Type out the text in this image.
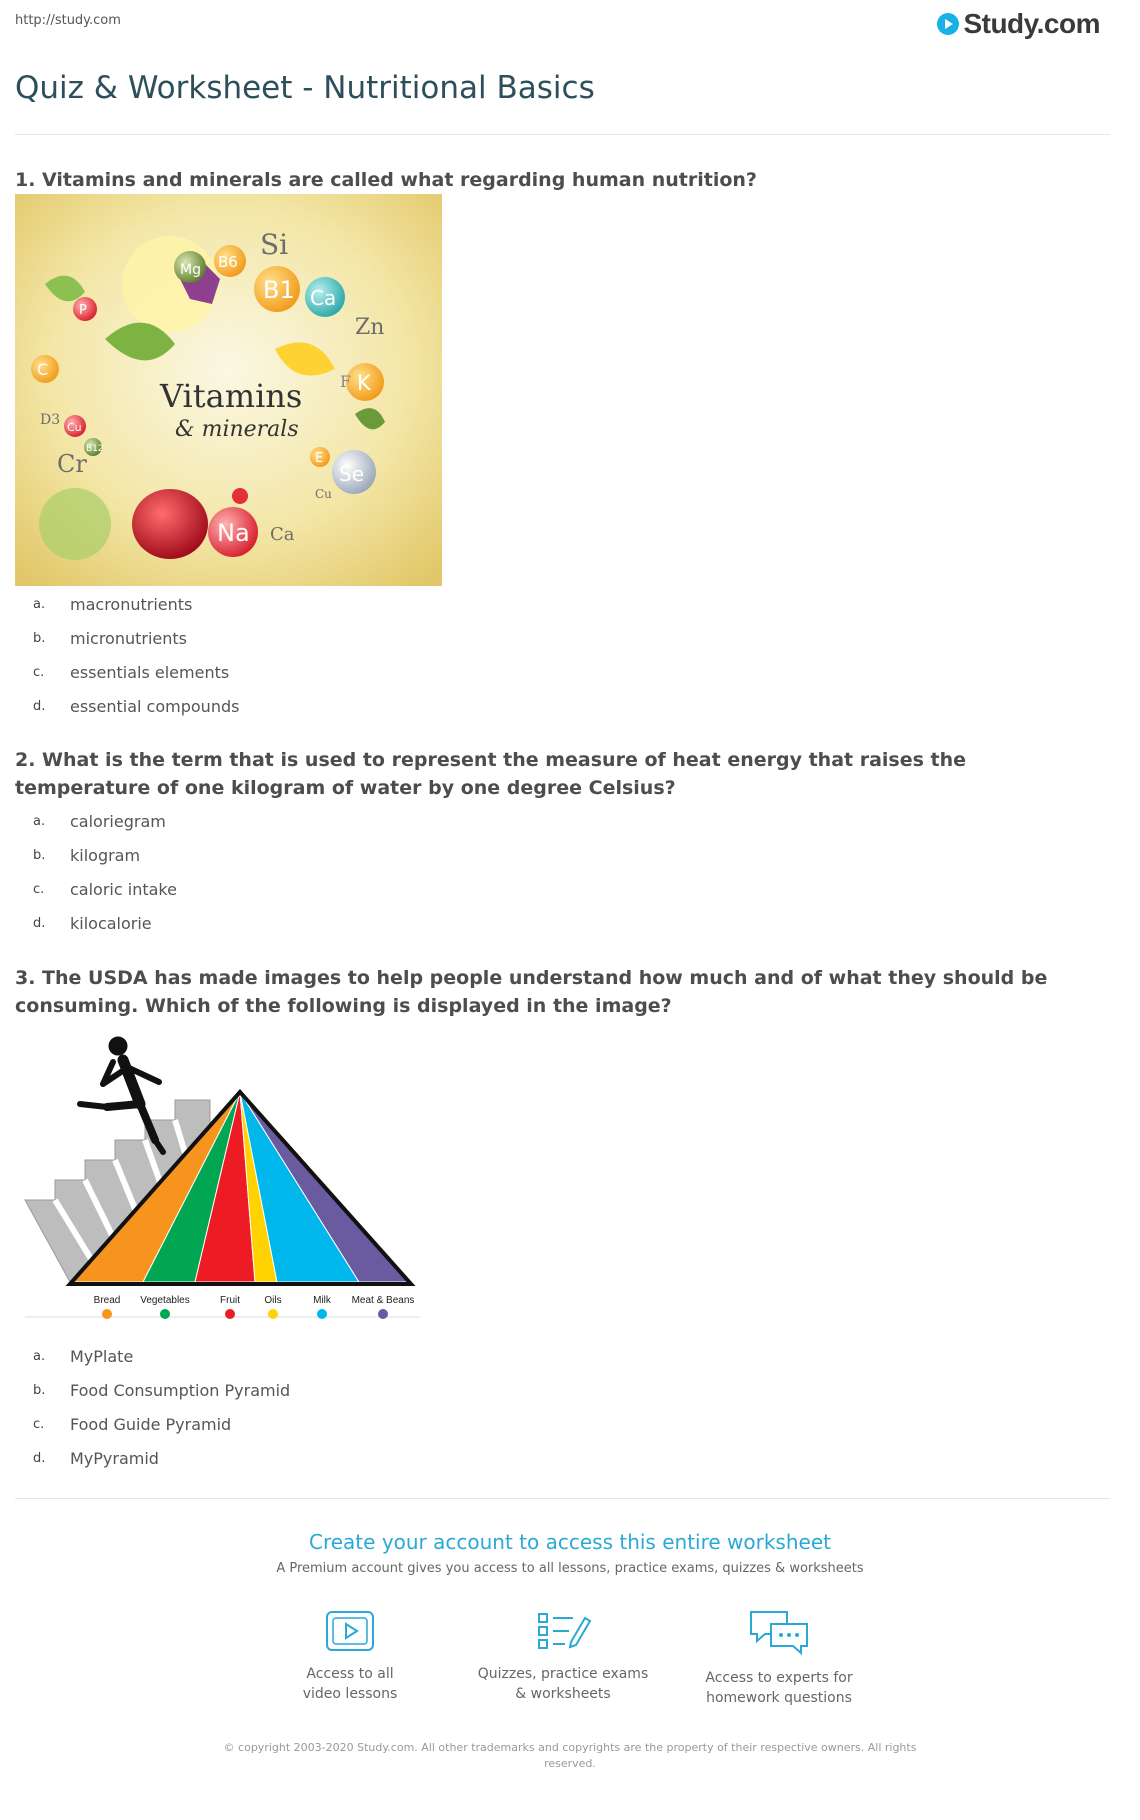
http://study.com	Study.com
Quiz & Worksheet - Nutritional Basics
1. Vitamins and minerals are called what regarding human nutrition?
Si
Mg B6
B1 Ca
Zn
P
F K
C
D3 Cu
B12
Cr	E
Se
Cu
Na Ca
Vitamins
& minerals
a.	macronutrients
b.	micronutrients
c.	essentials elements
d.	essential compounds
2. What is the term that is used to represent the measure of heat energy that raises the temperature of one kilogram of water by one degree Celsius?
a.	caloriegram
b.	kilogram
c.	caloric intake
d.	kilocalorie
3. The USDA has made images to help people understand how much and of what they should be consuming. Which of the following is displayed in the image?
Bread Vegetables	Fruit Oils	Milk Meat & Beans
a.	MyPlate
b.	Food Consumption Pyramid
c.	Food Guide Pyramid
d.	MyPyramid
Create your account to access this entire worksheet
A Premium account gives you access to all lessons, practice exams, quizzes & worksheets
Access to all
video lessons
Quizzes, practice exams
& worksheets
Access to experts for
homework questions
© copyright 2003-2020 Study.com. All other trademarks and copyrights are the property of their respective owners. All rights
reserved.
